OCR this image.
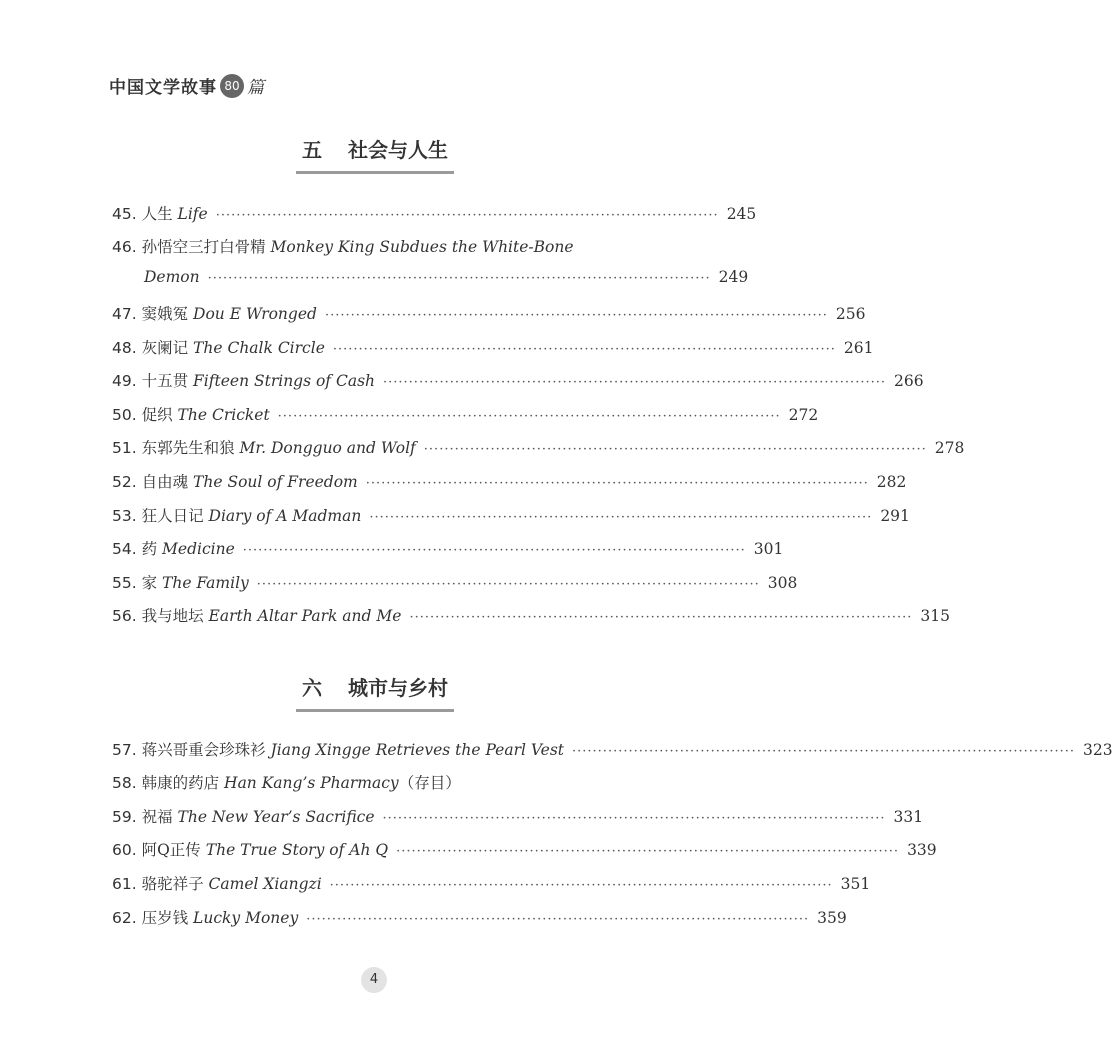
中国文学故事 80 篇
五 社会与人生
45. 人生 Life ·································································································· 245
46. 孙悟空三打白骨精 Monkey King Subdues the White-Bone
Demon ·································································································· 249
47. 窦娥冤 Dou E Wronged ·································································································· 256
48. 灰阑记 The Chalk Circle ·································································································· 261
49. 十五贯 Fifteen Strings of Cash ·································································································· 266
50. 促织 The Cricket ·································································································· 272
51. 东郭先生和狼 Mr. Dongguo and Wolf ·································································································· 278
52. 自由魂 The Soul of Freedom ·································································································· 282
53. 狂人日记 Diary of A Madman ·································································································· 291
54. 药 Medicine ·································································································· 301
55. 家 The Family ·································································································· 308
56. 我与地坛 Earth Altar Park and Me ·································································································· 315
六 城市与乡村
57. 蒋兴哥重会珍珠衫 Jiang Xingge Retrieves the Pearl Vest ·································································································· 323
58. 韩康的药店 Han Kang’s Pharmacy（存目）
59. 祝福 The New Year’s Sacrifice ·································································································· 331
60. 阿Q正传 The True Story of Ah Q ·································································································· 339
61. 骆驼祥子 Camel Xiangzi ·································································································· 351
62. 压岁钱 Lucky Money ·································································································· 359
4
